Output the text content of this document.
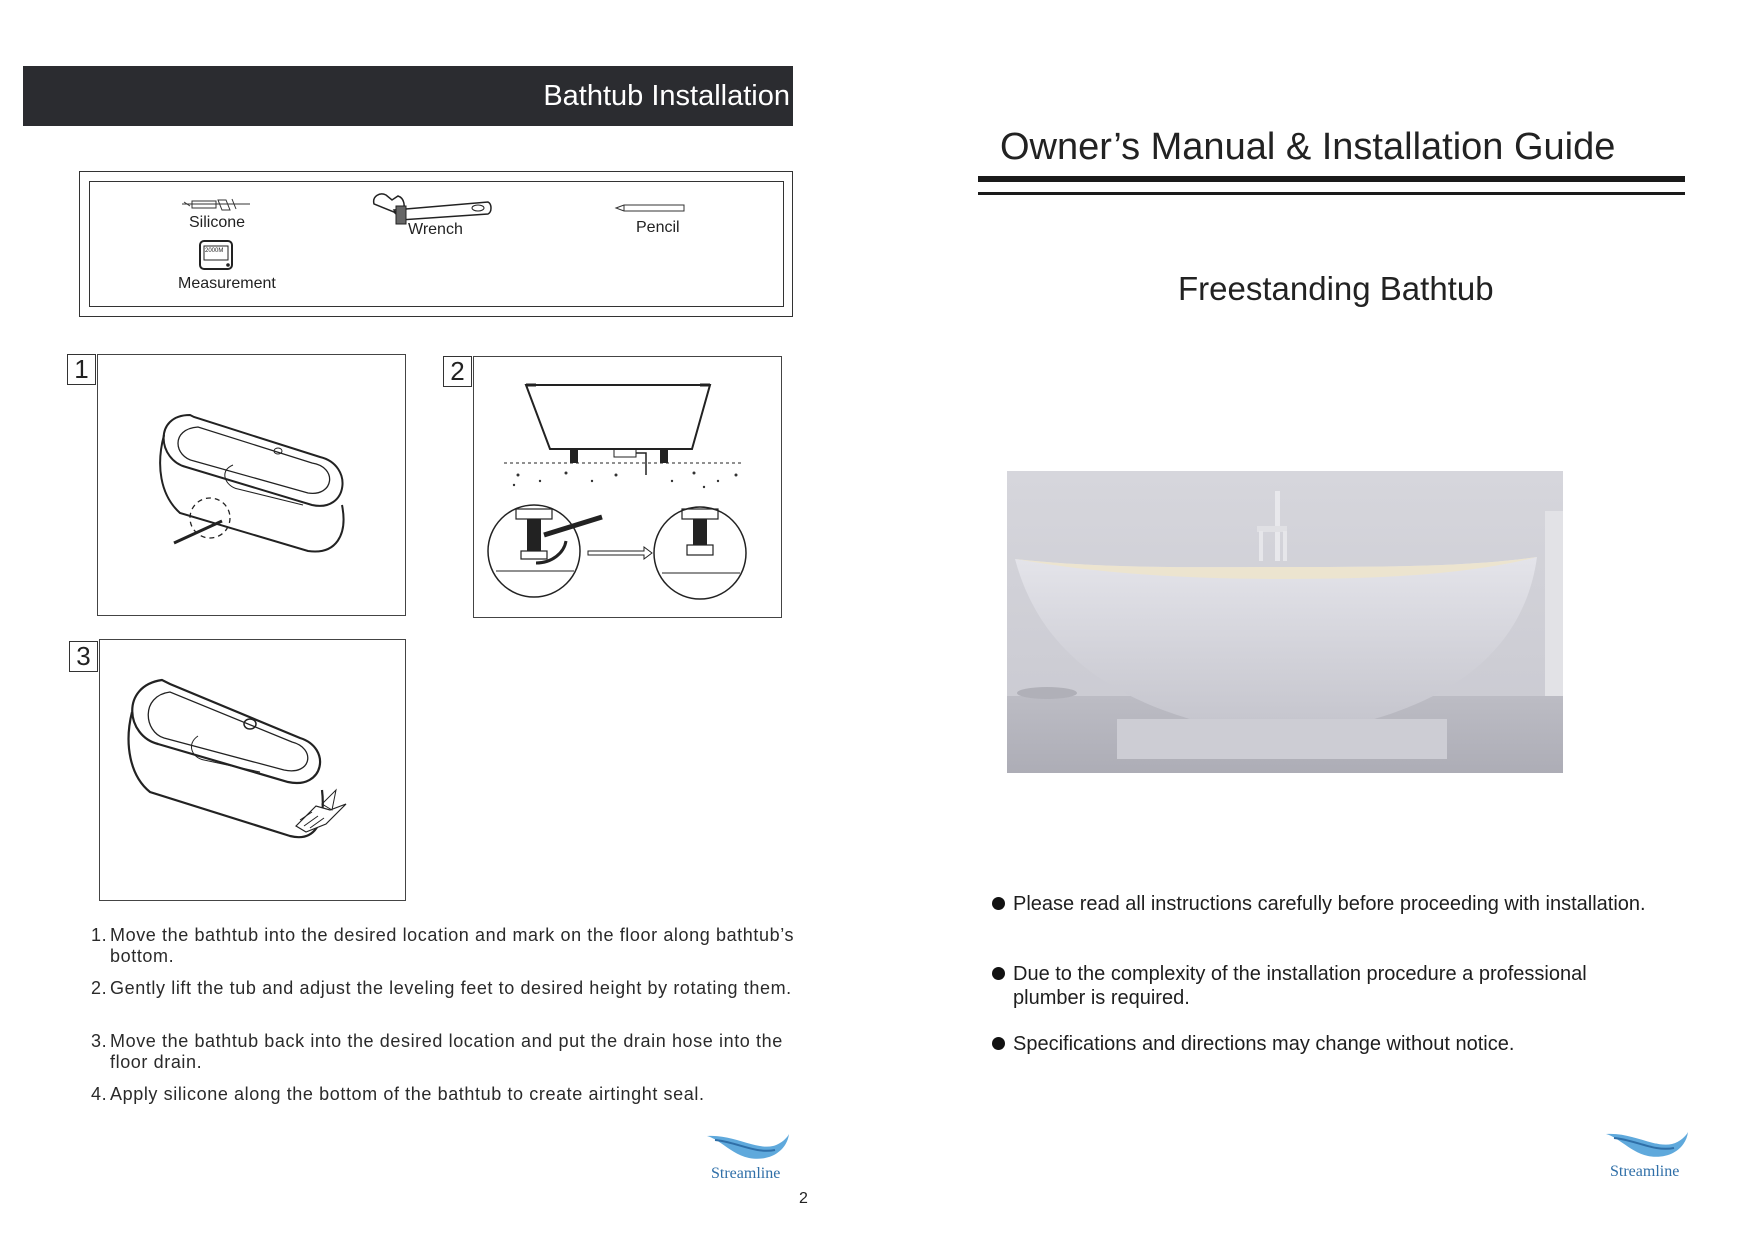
Bathtub Installation
Silicone	Wrench	Pencil
2000M
Measurement
1	2
3
1. Move the bathtub into the desired location and mark on the floor along bathtub’s bottom.
2. Gently lift the tub and adjust the leveling feet to desired height by rotating them.
3. Move the bathtub back into the desired location and put the drain hose into the floor drain.
4. Apply silicone along the bottom of the bathtub to create airtinght seal.
Streamline
2
Owner’s Manual & Installation Guide
Freestanding Bathtub
Please read all instructions carefully before proceeding with installation.
Due to the complexity of the installation procedure a professional plumber is required.
Specifications and directions may change without notice.
Streamline
